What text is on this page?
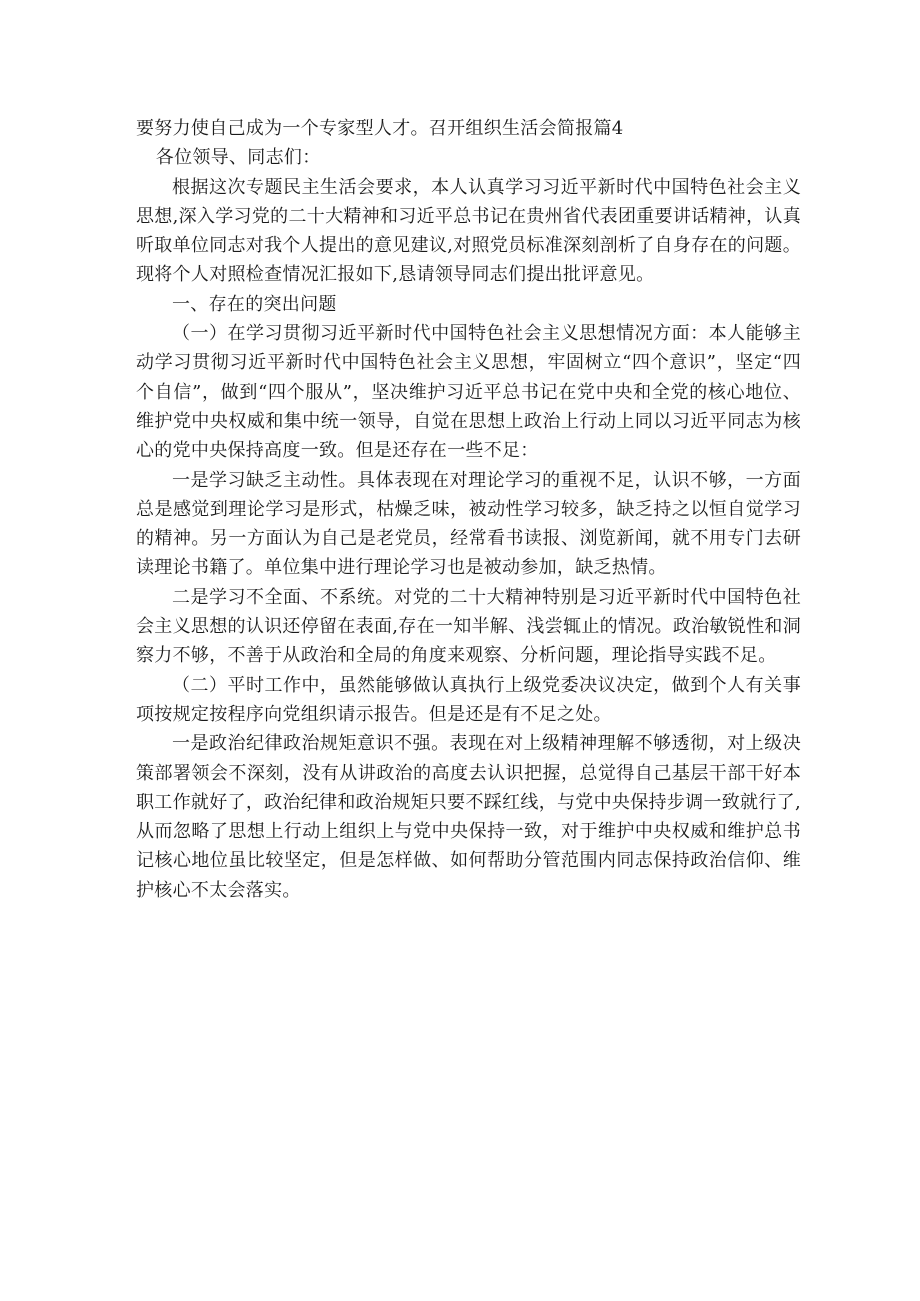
要努力使自己成为一个专家型人才。召开组织生活会简报篇4

各位领导、同志们：

根据这次专题民主生活会要求，本人认真学习习近平新时代中国特色社会主义思想,深入学习党的二十大精神和习近平总书记在贵州省代表团重要讲话精神，认真听取单位同志对我个人提出的意见建议,对照党员标准深刻剖析了自身存在的问题。现将个人对照检查情况汇报如下,恳请领导同志们提出批评意见。

一、存在的突出问题

（一）在学习贯彻习近平新时代中国特色社会主义思想情况方面：本人能够主动学习贯彻习近平新时代中国特色社会主义思想，牢固树立“四个意识”，坚定“四个自信”，做到“四个服从”，坚决维护习近平总书记在党中央和全党的核心地位、维护党中央权威和集中统一领导，自觉在思想上政治上行动上同以习近平同志为核心的党中央保持高度一致。但是还存在一些不足：

一是学习缺乏主动性。具体表现在对理论学习的重视不足，认识不够，一方面总是感觉到理论学习是形式，枯燥乏味，被动性学习较多，缺乏持之以恒自觉学习的精神。另一方面认为自己是老党员，经常看书读报、浏览新闻，就不用专门去研读理论书籍了。单位集中进行理论学习也是被动参加，缺乏热情。

二是学习不全面、不系统。对党的二十大精神特别是习近平新时代中国特色社会主义思想的认识还停留在表面,存在一知半解、浅尝辄止的情况。政治敏锐性和洞察力不够，不善于从政治和全局的角度来观察、分析问题，理论指导实践不足。

（二）平时工作中，虽然能够做认真执行上级党委决议决定，做到个人有关事项按规定按程序向党组织请示报告。但是还是有不足之处。

一是政治纪律政治规矩意识不强。表现在对上级精神理解不够透彻，对上级决策部署领会不深刻，没有从讲政治的高度去认识把握，总觉得自己基层干部干好本职工作就好了，政治纪律和政治规矩只要不踩红线，与党中央保持步调一致就行了,从而忽略了思想上行动上组织上与党中央保持一致，对于维护中央权威和维护总书记核心地位虽比较坚定，但是怎样做、如何帮助分管范围内同志保持政治信仰、维护核心不太会落实。
